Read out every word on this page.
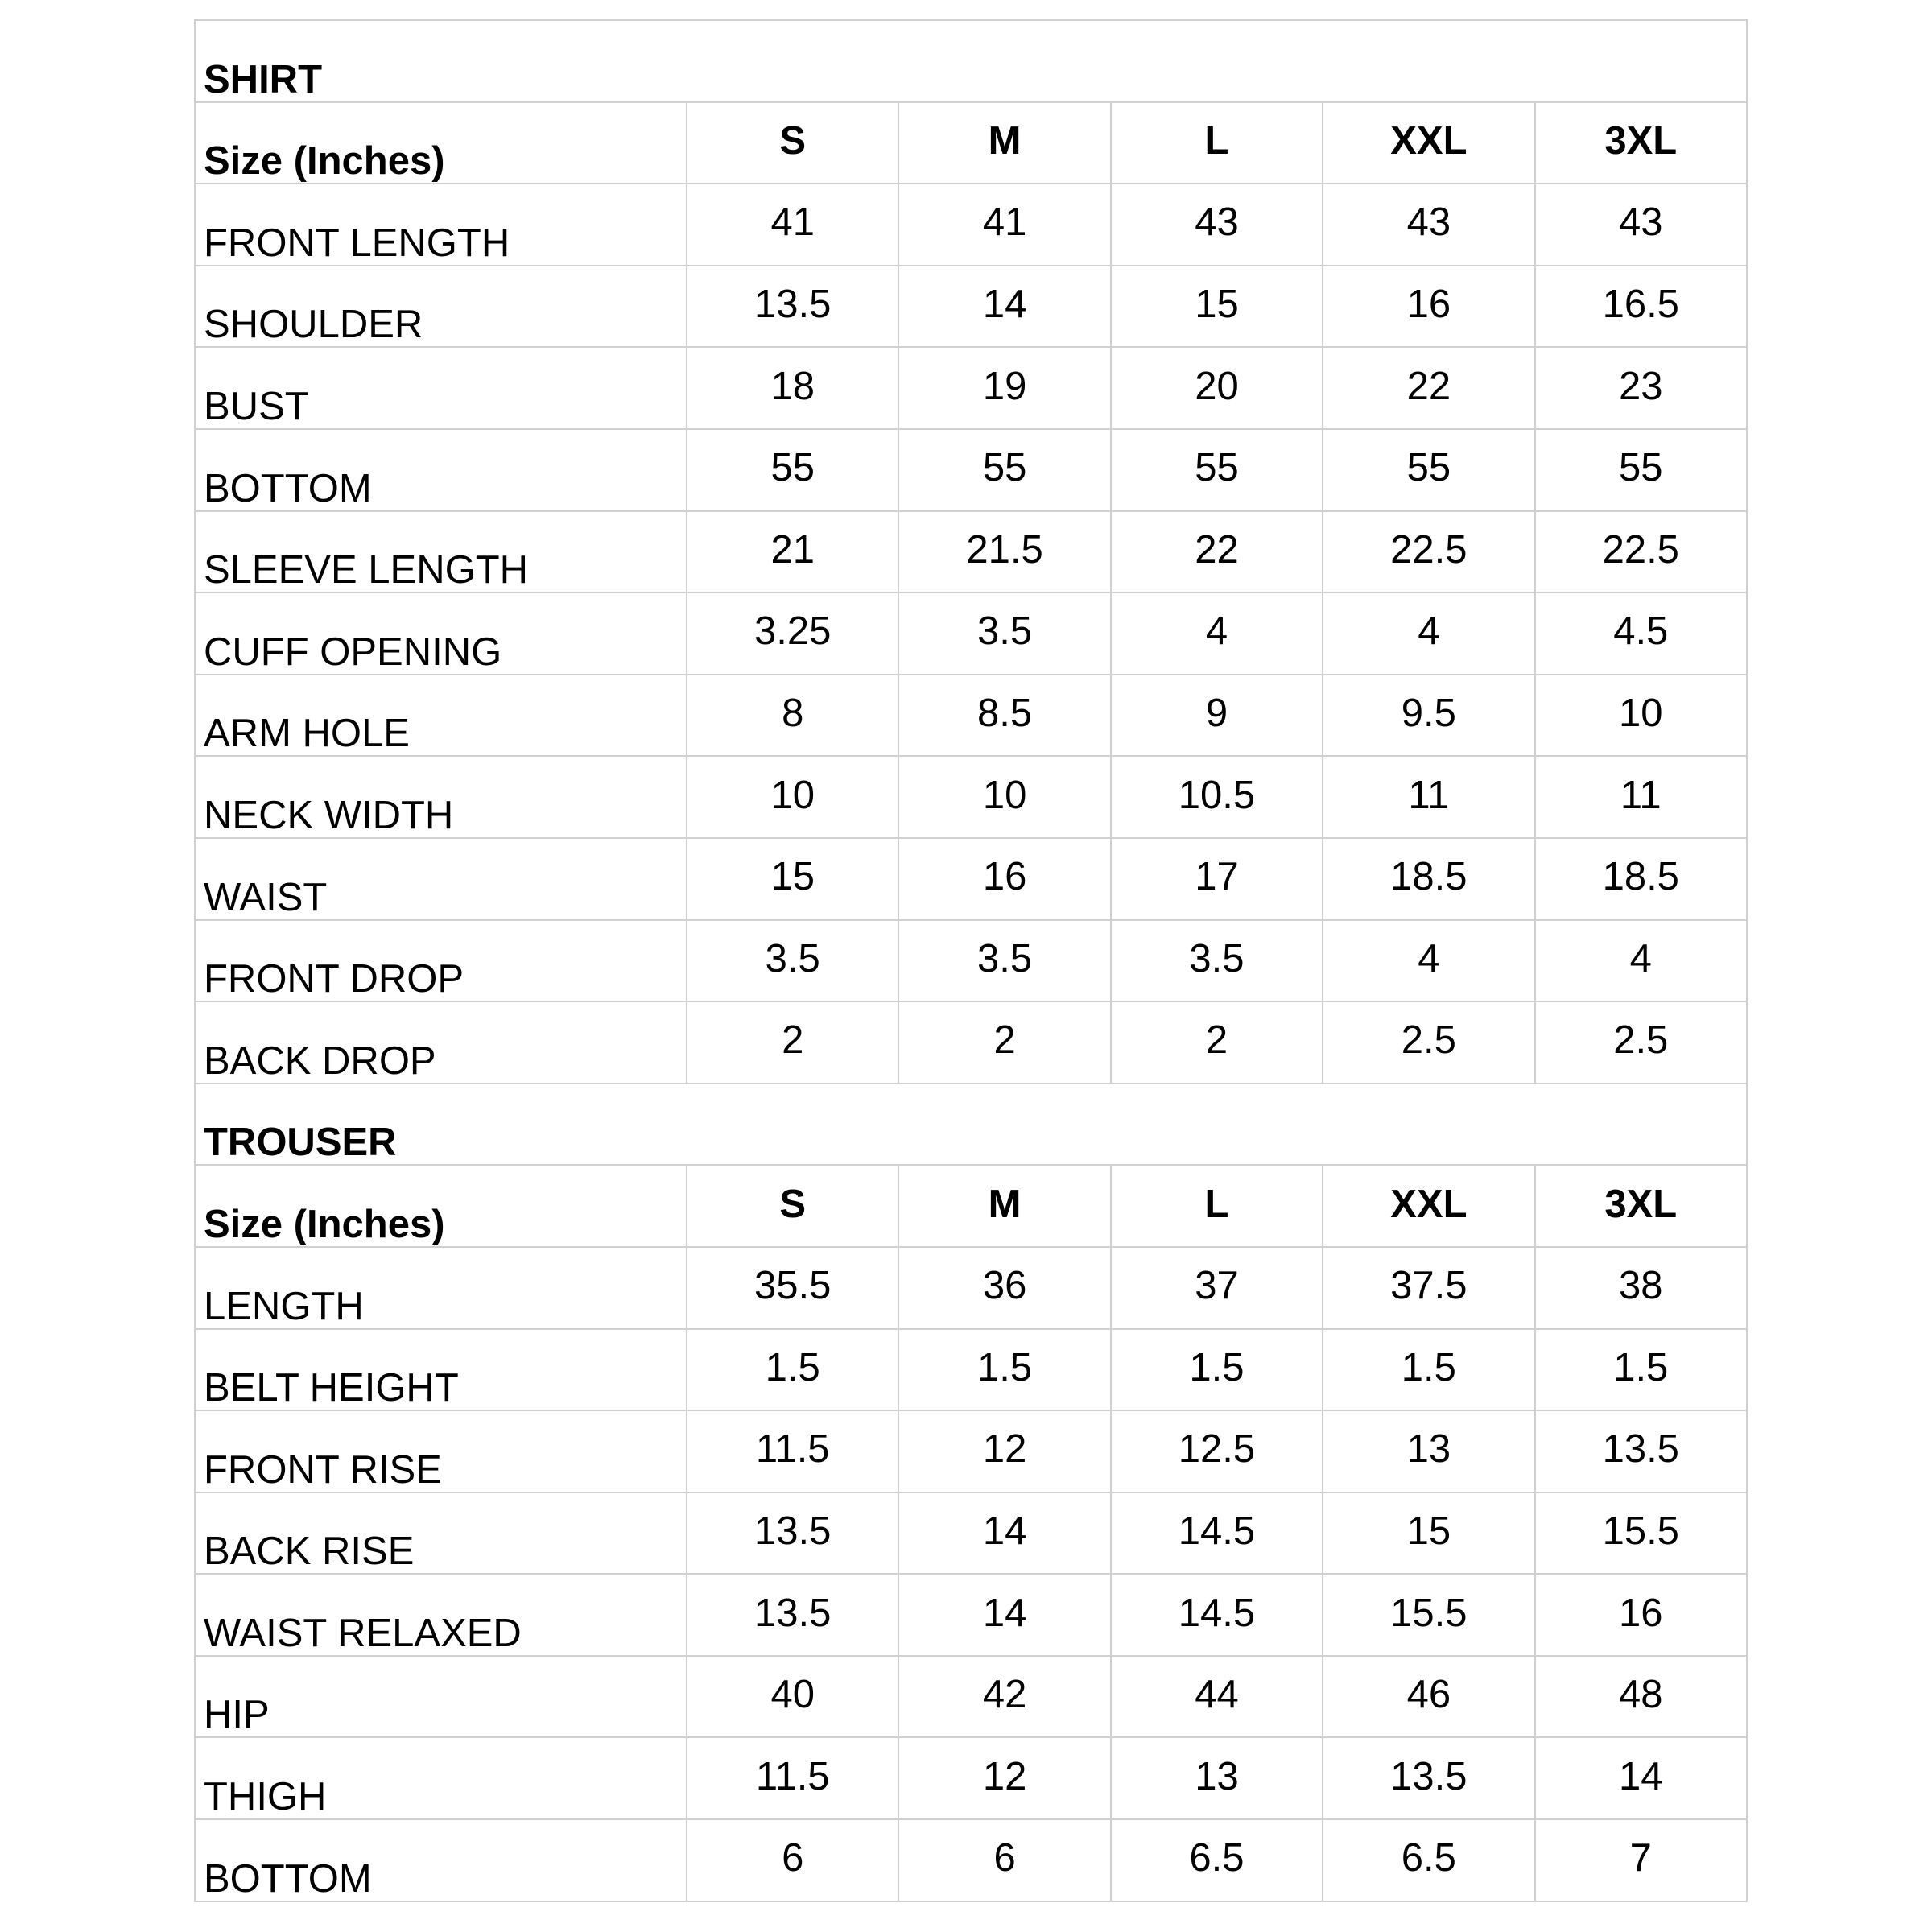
SHIRT					
Size (Inches)	S	M	L	XXL	3XL
FRONT LENGTH	41	41	43	43	43
SHOULDER	13.5	14	15	16	16.5
BUST	18	19	20	22	23
BOTTOM	55	55	55	55	55
SLEEVE LENGTH	21	21.5	22	22.5	22.5
CUFF OPENING	3.25	3.5	4	4	4.5
ARM HOLE	8	8.5	9	9.5	10
NECK WIDTH	10	10	10.5	11	11
WAIST	15	16	17	18.5	18.5
FRONT DROP	3.5	3.5	3.5	4	4
BACK DROP	2	2	2	2.5	2.5
TROUSER					
Size (Inches)	S	M	L	XXL	3XL
LENGTH	35.5	36	37	37.5	38
BELT HEIGHT	1.5	1.5	1.5	1.5	1.5
FRONT RISE	11.5	12	12.5	13	13.5
BACK RISE	13.5	14	14.5	15	15.5
WAIST RELAXED	13.5	14	14.5	15.5	16
HIP	40	42	44	46	48
THIGH	11.5	12	13	13.5	14
BOTTOM	6	6	6.5	6.5	7
